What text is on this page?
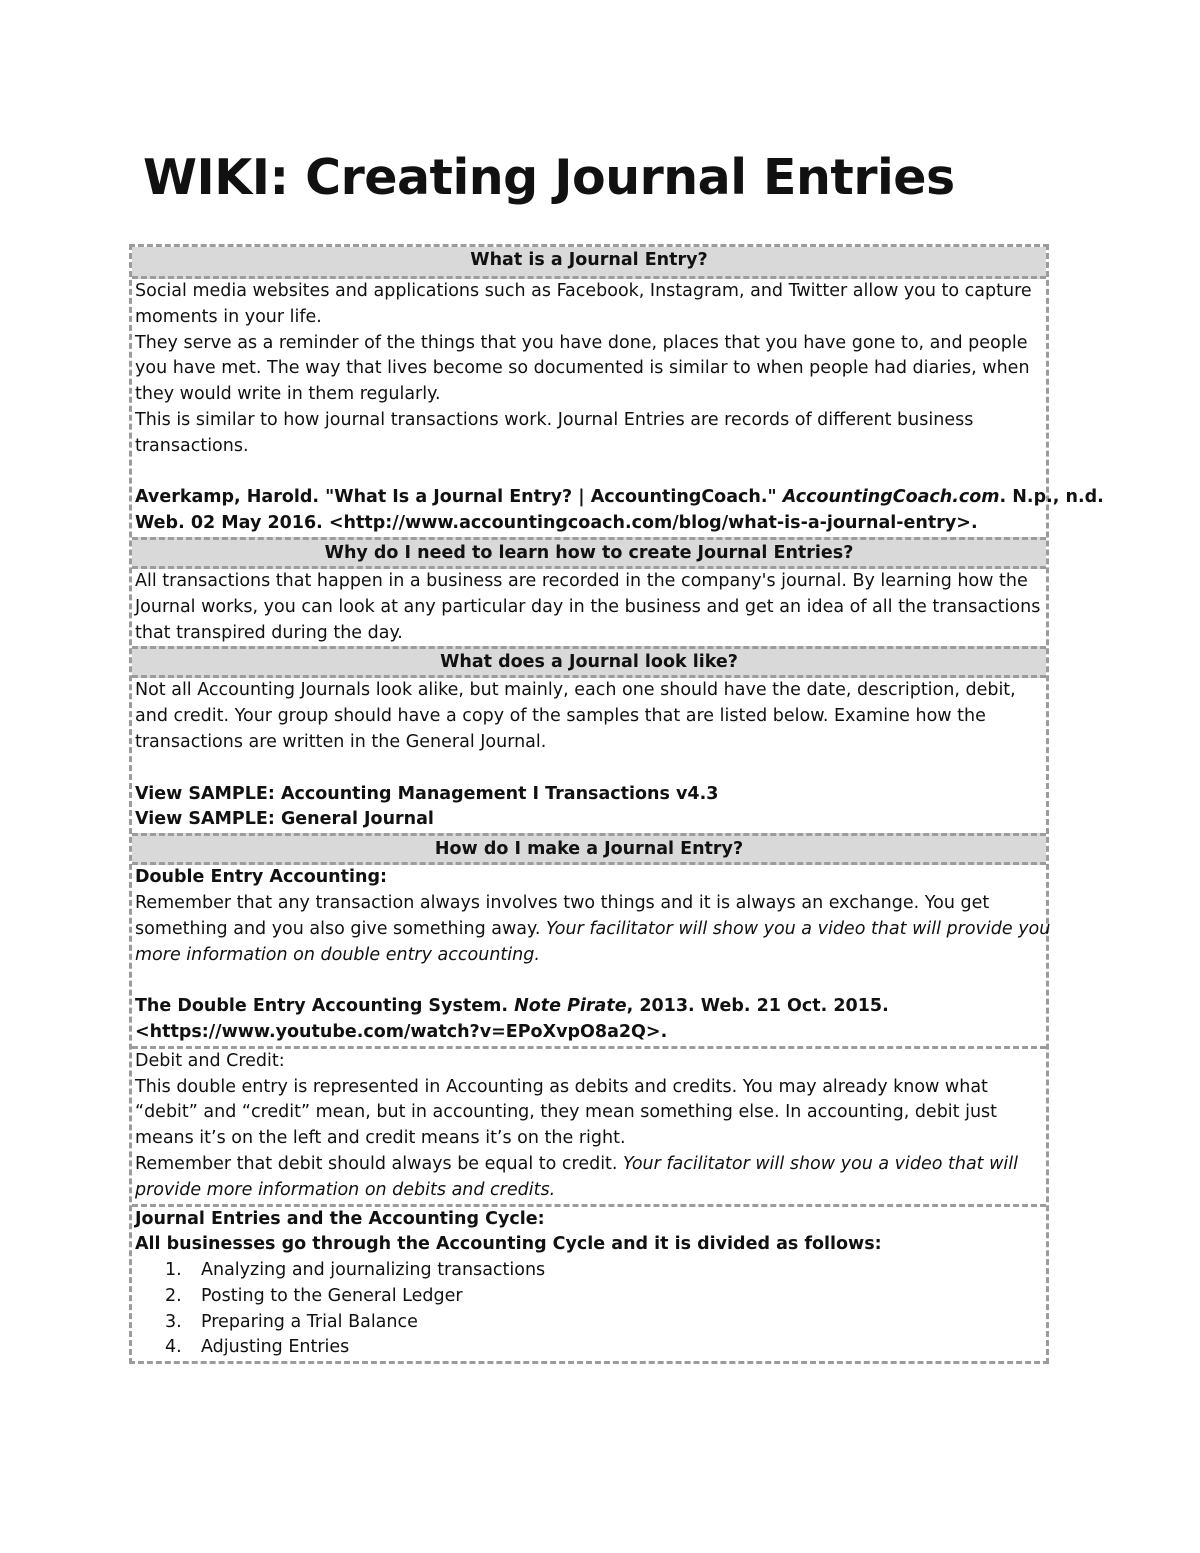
WIKI: Creating Journal Entries
What is a Journal Entry?
Social media websites and applications such as Facebook, Instagram, and Twitter allow you to capture
moments in your life.
They serve as a reminder of the things that you have done, places that you have gone to, and people
you have met. The way that lives become so documented is similar to when people had diaries, when
they would write in them regularly.
This is similar to how journal transactions work. Journal Entries are records of different business
transactions.
Averkamp, Harold. "What Is a Journal Entry? | AccountingCoach." AccountingCoach.com. N.p., n.d.
Web. 02 May 2016. <http://www.accountingcoach.com/blog/what-is-a-journal-entry>.
Why do I need to learn how to create Journal Entries?
All transactions that happen in a business are recorded in the company's journal. By learning how the
Journal works, you can look at any particular day in the business and get an idea of all the transactions
that transpired during the day.
What does a Journal look like?
Not all Accounting Journals look alike, but mainly, each one should have the date, description, debit,
and credit. Your group should have a copy of the samples that are listed below. Examine how the
transactions are written in the General Journal.
View SAMPLE: Accounting Management I Transactions v4.3
View SAMPLE: General Journal
How do I make a Journal Entry?
Double Entry Accounting:
Remember that any transaction always involves two things and it is always an exchange. You get
something and you also give something away. Your facilitator will show you a video that will provide you
more information on double entry accounting.
The Double Entry Accounting System. Note Pirate, 2013. Web. 21 Oct. 2015.
<https://www.youtube.com/watch?v=EPoXvpO8a2Q>.
Debit and Credit:
This double entry is represented in Accounting as debits and credits. You may already know what
“debit” and “credit” mean, but in accounting, they mean something else. In accounting, debit just
means it’s on the left and credit means it’s on the right.
Remember that debit should always be equal to credit. Your facilitator will show you a video that will
provide more information on debits and credits.
Journal Entries and the Accounting Cycle:
All businesses go through the Accounting Cycle and it is divided as follows:
1. Analyzing and journalizing transactions
2. Posting to the General Ledger
3. Preparing a Trial Balance
4. Adjusting Entries
